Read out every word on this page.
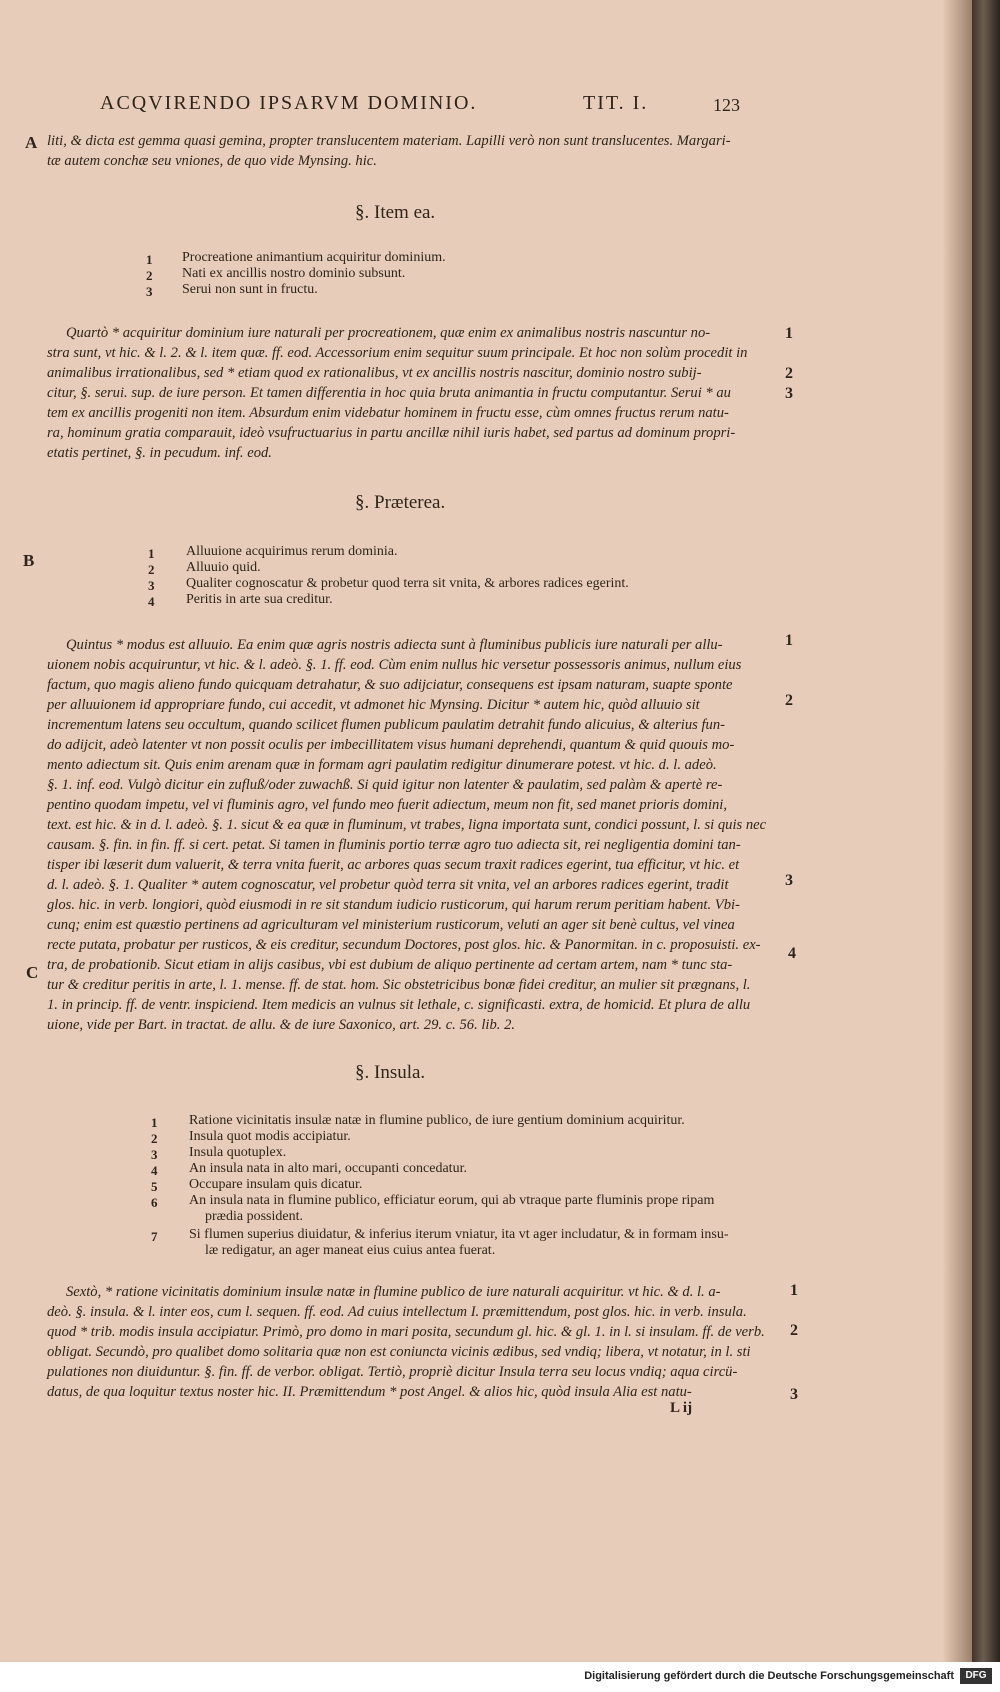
ACQVIRENDO IPSARVM DOMINIO.	TIT. I.	123
A
B
C
liti, & dicta est gemma quasi gemina, propter translucentem materiam. Lapilli verò non sunt translucentes. Margari-
tæ autem conchæ seu vniones, de quo vide Mynsing. hic.
§. Item ea.
1 Procreatione animantium acquiritur dominium.
2 Nati ex ancillis nostro dominio subsunt.
3 Serui non sunt in fructu.
Quartò * acquiritur dominium iure naturali per procreationem, quæ enim ex animalibus nostris nascuntur no-
stra sunt, vt hic. & l. 2. & l. item quæ. ff. eod. Accessorium enim sequitur suum principale. Et hoc non solùm procedit in
animalibus irrationalibus, sed * etiam quod ex rationalibus, vt ex ancillis nostris nascitur, dominio nostro subij-
citur, §. serui. sup. de iure person. Et tamen differentia in hoc quia bruta animantia in fructu computantur. Serui * au
tem ex ancillis progeniti non item. Absurdum enim videbatur hominem in fructu esse, cùm omnes fructus rerum natu-
ra, hominum gratia comparauit, ideò vsufructuarius in partu ancillæ nihil iuris habet, sed partus ad dominum propri-
etatis pertinet, §. in pecudum. inf. eod.
1
2
3
§. Præterea.
1 Alluuione acquirimus rerum dominia.
2 Alluuio quid.
3 Qualiter cognoscatur & probetur quod terra sit vnita, & arbores radices egerint.
4 Peritis in arte sua creditur.
Quintus * modus est alluuio. Ea enim quæ agris nostris adiecta sunt à fluminibus publicis iure naturali per allu-
uionem nobis acquiruntur, vt hic. & l. adeò. §. 1. ff. eod. Cùm enim nullus hic versetur possessoris animus, nullum eius
factum, quo magis alieno fundo quicquam detrahatur, & suo adijciatur, consequens est ipsam naturam, suapte sponte
per alluuionem id appropriare fundo, cui accedit, vt admonet hic Mynsing. Dicitur * autem hic, quòd alluuio sit
incrementum latens seu occultum, quando scilicet flumen publicum paulatim detrahit fundo alicuius, & alterius fun-
do adijcit, adeò latenter vt non possit oculis per imbecillitatem visus humani deprehendi, quantum & quid quouis mo-
mento adiectum sit. Quis enim arenam quæ in formam agri paulatim redigitur dinumerare potest. vt hic. d. l. adeò.
§. 1. inf. eod. Vulgò dicitur ein zufluß/oder zuwachß. Si quid igitur non latenter & paulatim, sed palàm & apertè re-
pentino quodam impetu, vel vi fluminis agro, vel fundo meo fuerit adiectum, meum non fit, sed manet prioris domini,
text. est hic. & in d. l. adeò. §. 1. sicut & ea quæ in fluminum, vt trabes, ligna importata sunt, condici possunt, l. si quis nec
causam. §. fin. in fin. ff. si cert. petat. Si tamen in fluminis portio terræ agro tuo adiecta sit, rei negligentia domini tan-
tisper ibi læserit dum valuerit, & terra vnita fuerit, ac arbores quas secum traxit radices egerint, tua efficitur, vt hic. et
d. l. adeò. §. 1. Qualiter * autem cognoscatur, vel probetur quòd terra sit vnita, vel an arbores radices egerint, tradit
glos. hic. in verb. longiori, quòd eiusmodi in re sit standum iudicio rusticorum, qui harum rerum peritiam habent. Vbi-
cunq; enim est quæstio pertinens ad agriculturam vel ministerium rusticorum, veluti an ager sit benè cultus, vel vinea
recte putata, probatur per rusticos, & eis creditur, secundum Doctores, post glos. hic. & Panormitan. in c. proposuisti. ex-
tra, de probationib. Sicut etiam in alijs casibus, vbi est dubium de aliquo pertinente ad certam artem, nam * tunc sta-
tur & creditur peritis in arte, l. 1. mense. ff. de stat. hom. Sic obstetricibus bonæ fidei creditur, an mulier sit prægnans, l.
1. in princip. ff. de ventr. inspiciend. Item medicis an vulnus sit lethale, c. significasti. extra, de homicid. Et plura de allu
uione, vide per Bart. in tractat. de allu. & de iure Saxonico, art. 29. c. 56. lib. 2.
1
2
3
4
§. Insula.
1 Ratione vicinitatis insulæ natæ in flumine publico, de iure gentium dominium acquiritur.
2 Insula quot modis accipiatur.
3 Insula quotuplex.
4 An insula nata in alto mari, occupanti concedatur.
5 Occupare insulam quis dicatur.
6 An insula nata in flumine publico, efficiatur eorum, qui ab vtraque parte fluminis prope ripam
prædia possident.
7 Si flumen superius diuidatur, & inferius iterum vniatur, ita vt ager includatur, & in formam insu-
læ redigatur, an ager maneat eius cuius antea fuerat.
Sextò, * ratione vicinitatis dominium insulæ natæ in flumine publico de iure naturali acquiritur. vt hic. & d. l. a-
deò. §. insula. & l. inter eos, cum l. sequen. ff. eod. Ad cuius intellectum I. præmittendum, post glos. hic. in verb. insula.
quod * trib. modis insula accipiatur. Primò, pro domo in mari posita, secundum gl. hic. & gl. 1. in l. si insulam. ff. de verb.
obligat. Secundò, pro qualibet domo solitaria quæ non est coniuncta vicinis ædibus, sed vndiq; libera, vt notatur, in l. sti
pulationes non diuiduntur. §. fin. ff. de verbor. obligat. Tertiò, propriè dicitur Insula terra seu locus vndiq; aqua circü-
datus, de qua loquitur textus noster hic. II. Præmittendum * post Angel. & alios hic, quòd insula Alia est natu-
1
2
3
L ij
Digitalisierung gefördert durch die Deutsche Forschungsgemeinschaft	DFG
